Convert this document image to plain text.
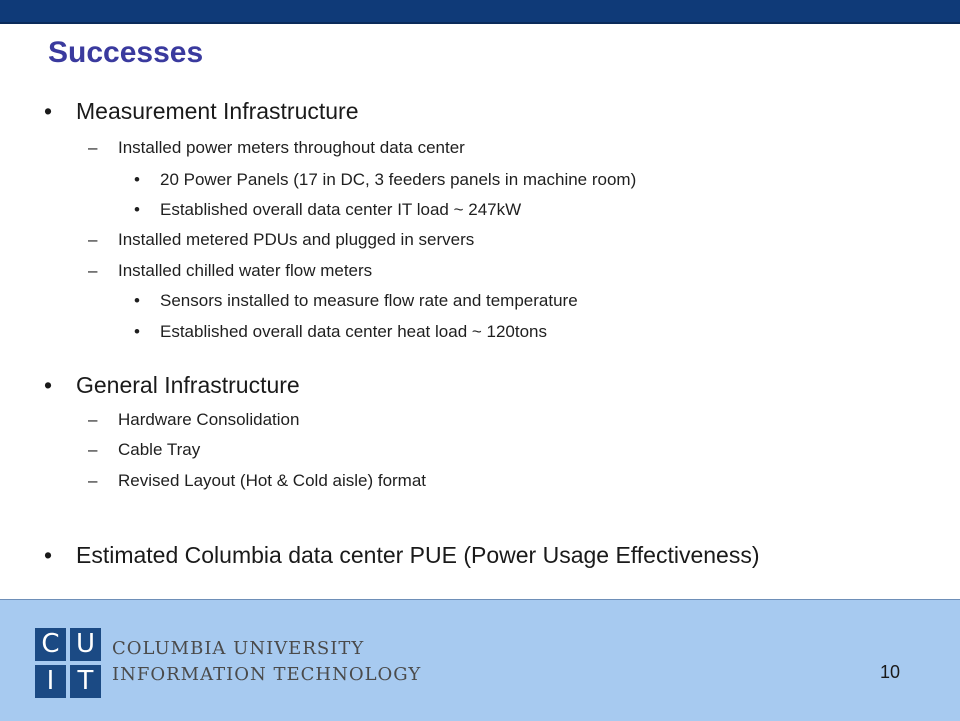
Successes
• Measurement Infrastructure
– Installed power meters throughout data center
• 20 Power Panels (17 in DC, 3 feeders panels in machine room)
• Established overall data center IT load ~ 247kW
– Installed metered PDUs and plugged in servers
– Installed chilled water flow meters
• Sensors installed to measure flow rate and temperature
• Established overall data center heat load ~ 120tons
• General Infrastructure
– Hardware Consolidation
– Cable Tray
– Revised Layout (Hot & Cold aisle) format
• Estimated Columbia data center PUE (Power Usage Effectiveness)
C U
I T
COLUMBIA UNIVERSITY
INFORMATION TECHNOLOGY	10
